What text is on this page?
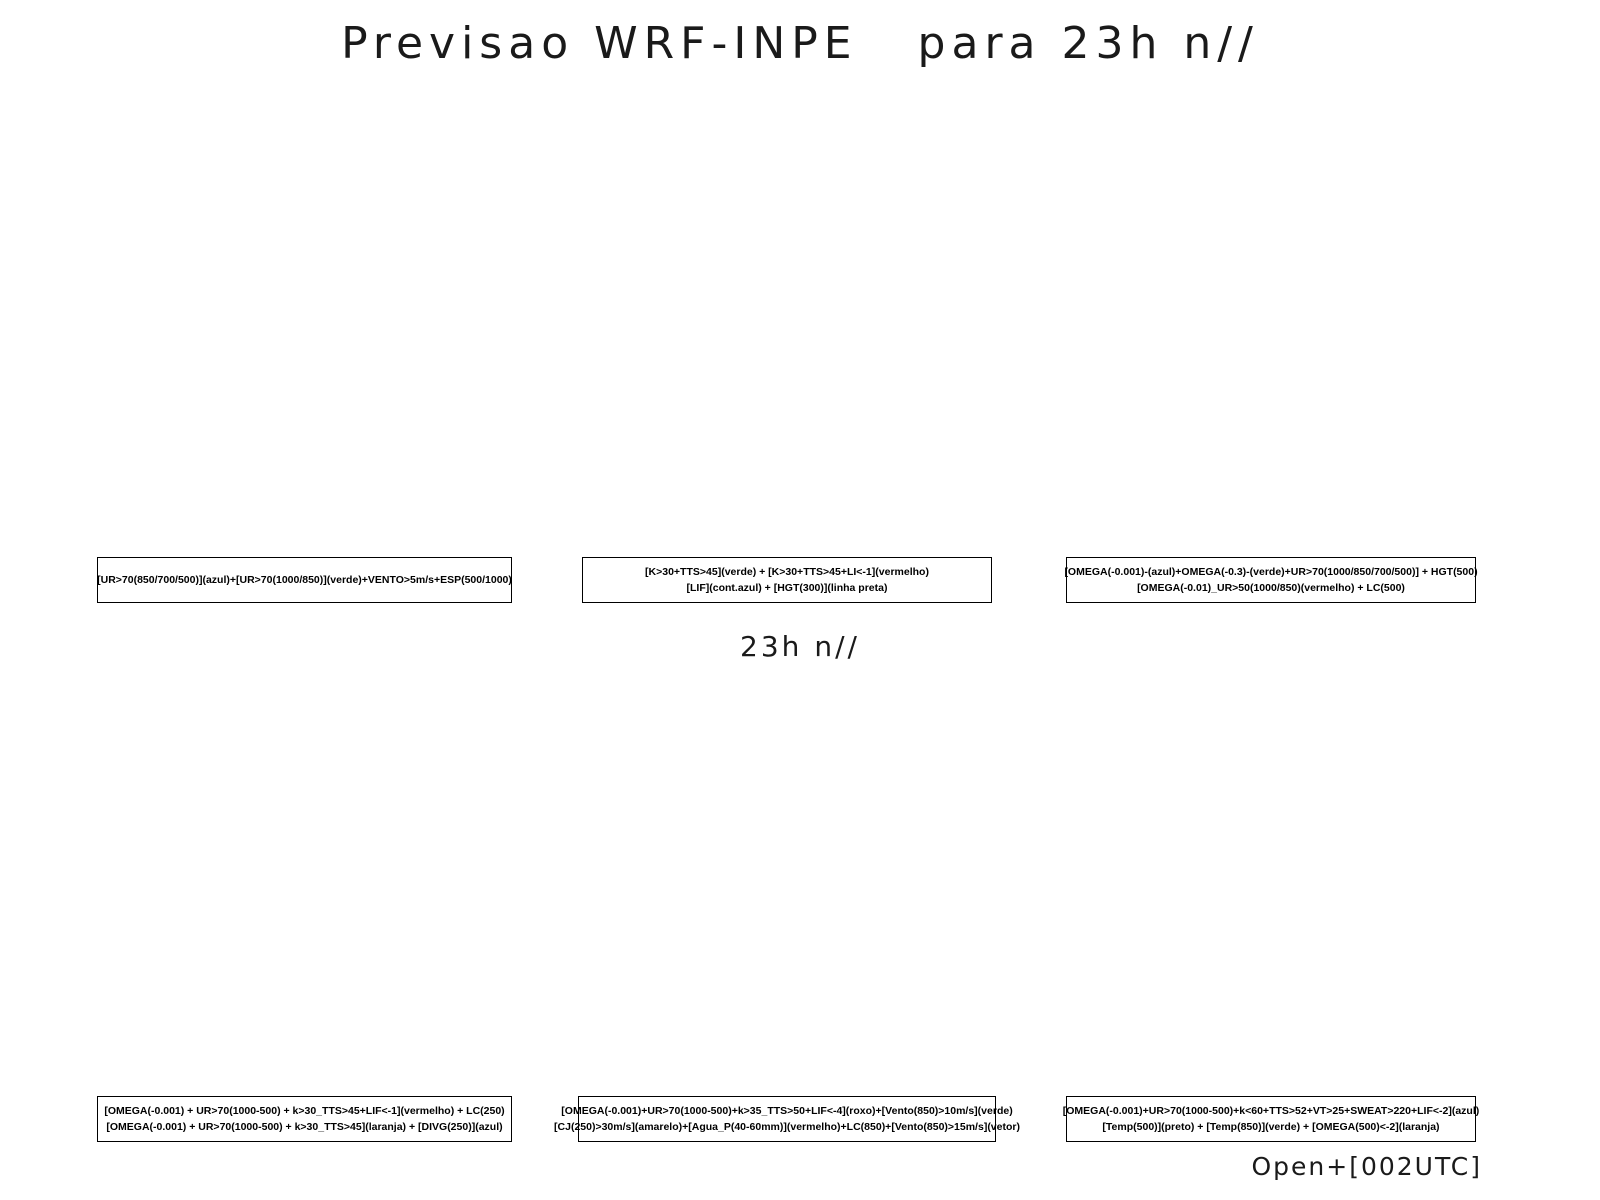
Previsao WRF-INPE   para 23h n//
[UR>70(850/700/500)](azul)+[UR>70(1000/850)](verde)+VENTO>5m/s+ESP(500/1000)
[K>30+TTS>45](verde) + [K>30+TTS>45+LI<-1](vermelho)
[LIF](cont.azul) + [HGT(300)](linha preta)
[OMEGA(-0.001)-(azul)+OMEGA(-0.3)-(verde)+UR>70(1000/850/700/500)] + HGT(500)
[OMEGA(-0.01)_UR>50(1000/850)(vermelho) + LC(500)
23h n//
[OMEGA(-0.001) + UR>70(1000-500) + k>30_TTS>45+LIF<-1](vermelho) + LC(250)
[OMEGA(-0.001) + UR>70(1000-500) + k>30_TTS>45](laranja) + [DIVG(250)](azul)
[OMEGA(-0.001)+UR>70(1000-500)+k>35_TTS>50+LIF<-4](roxo)+[Vento(850)>10m/s](verde)
[CJ(250)>30m/s](amarelo)+[Agua_P(40-60mm)](vermelho)+LC(850)+[Vento(850)>15m/s](vetor)
[OMEGA(-0.001)+UR>70(1000-500)+k<60+TTS>52+VT>25+SWEAT>220+LIF<-2](azul)
[Temp(500)](preto) + [Temp(850)](verde) + [OMEGA(500)<-2](laranja)
Open+[002UTC]
